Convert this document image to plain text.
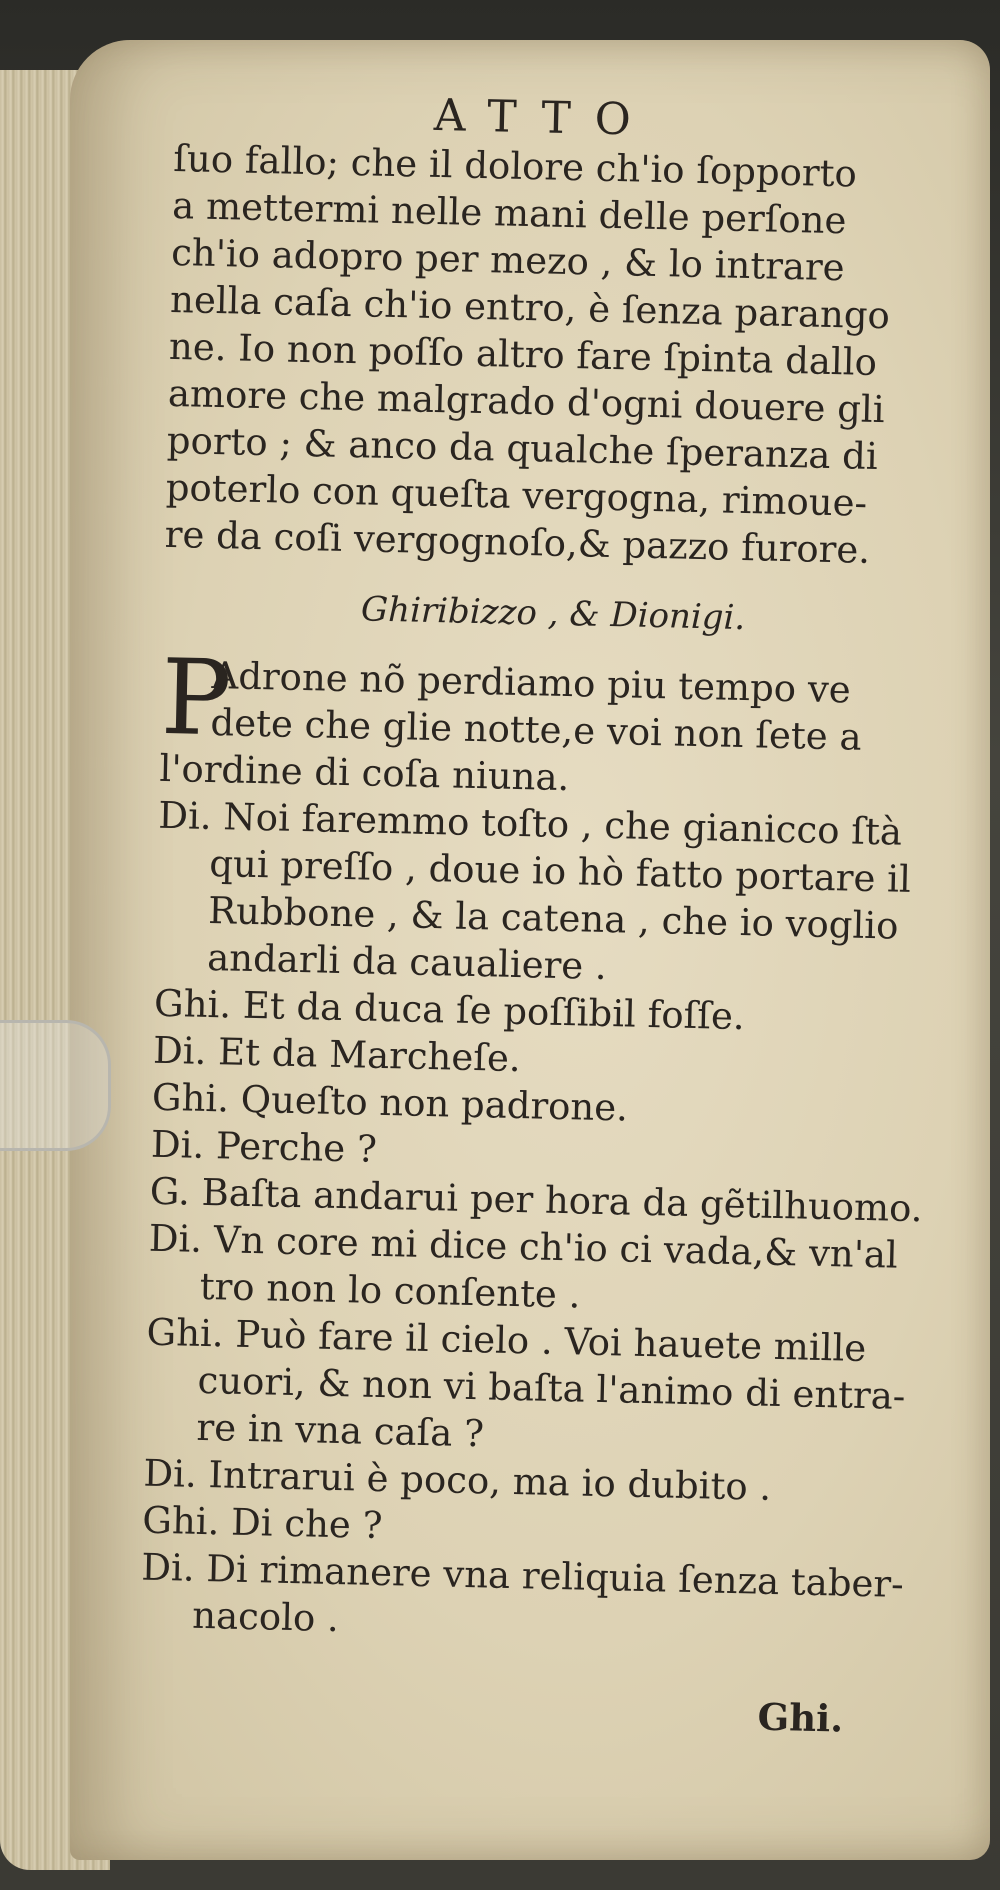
ATTO
ſuo fallo; che il dolore ch'io ſopporto
a mettermi nelle mani delle perſone
ch'io adopro per mezo , & lo intrare
nella caſa ch'io entro, è ſenza parango
ne. Io non poſſo altro fare ſpinta dallo
amore che malgrado d'ogni douere gli
porto ; & anco da qualche ſperanza di
poterlo con queſta vergogna, rimoue-
re da coſi vergognoſo,& pazzo furore.
Ghiribizzo , & Dionigi.
P
Adrone nõ perdiamo piu tempo ve
dete che glie notte,e voi non ſete a
l'ordine di coſa niuna.
Di. Noi faremmo toſto , che gianicco ſtà
qui preſſo , doue io hò fatto portare il
Rubbone , & la catena , che io voglio
andarli da caualiere .
Ghi. Et da duca ſe poſſibil foſſe.
Di. Et da Marcheſe.
Ghi. Queſto non padrone.
Di. Perche ?
G. Baſta andarui per hora da gẽtilhuomo.
Di. Vn core mi dice ch'io ci vada,& vn'al
tro non lo conſente .
Ghi. Può fare il cielo . Voi hauete mille
cuori, & non vi baſta l'animo di entra-
re in vna caſa ?
Di. Intrarui è poco, ma io dubito .
Ghi. Di che ?
Di. Di rimanere vna reliquia ſenza taber-
nacolo .
Ghi.
